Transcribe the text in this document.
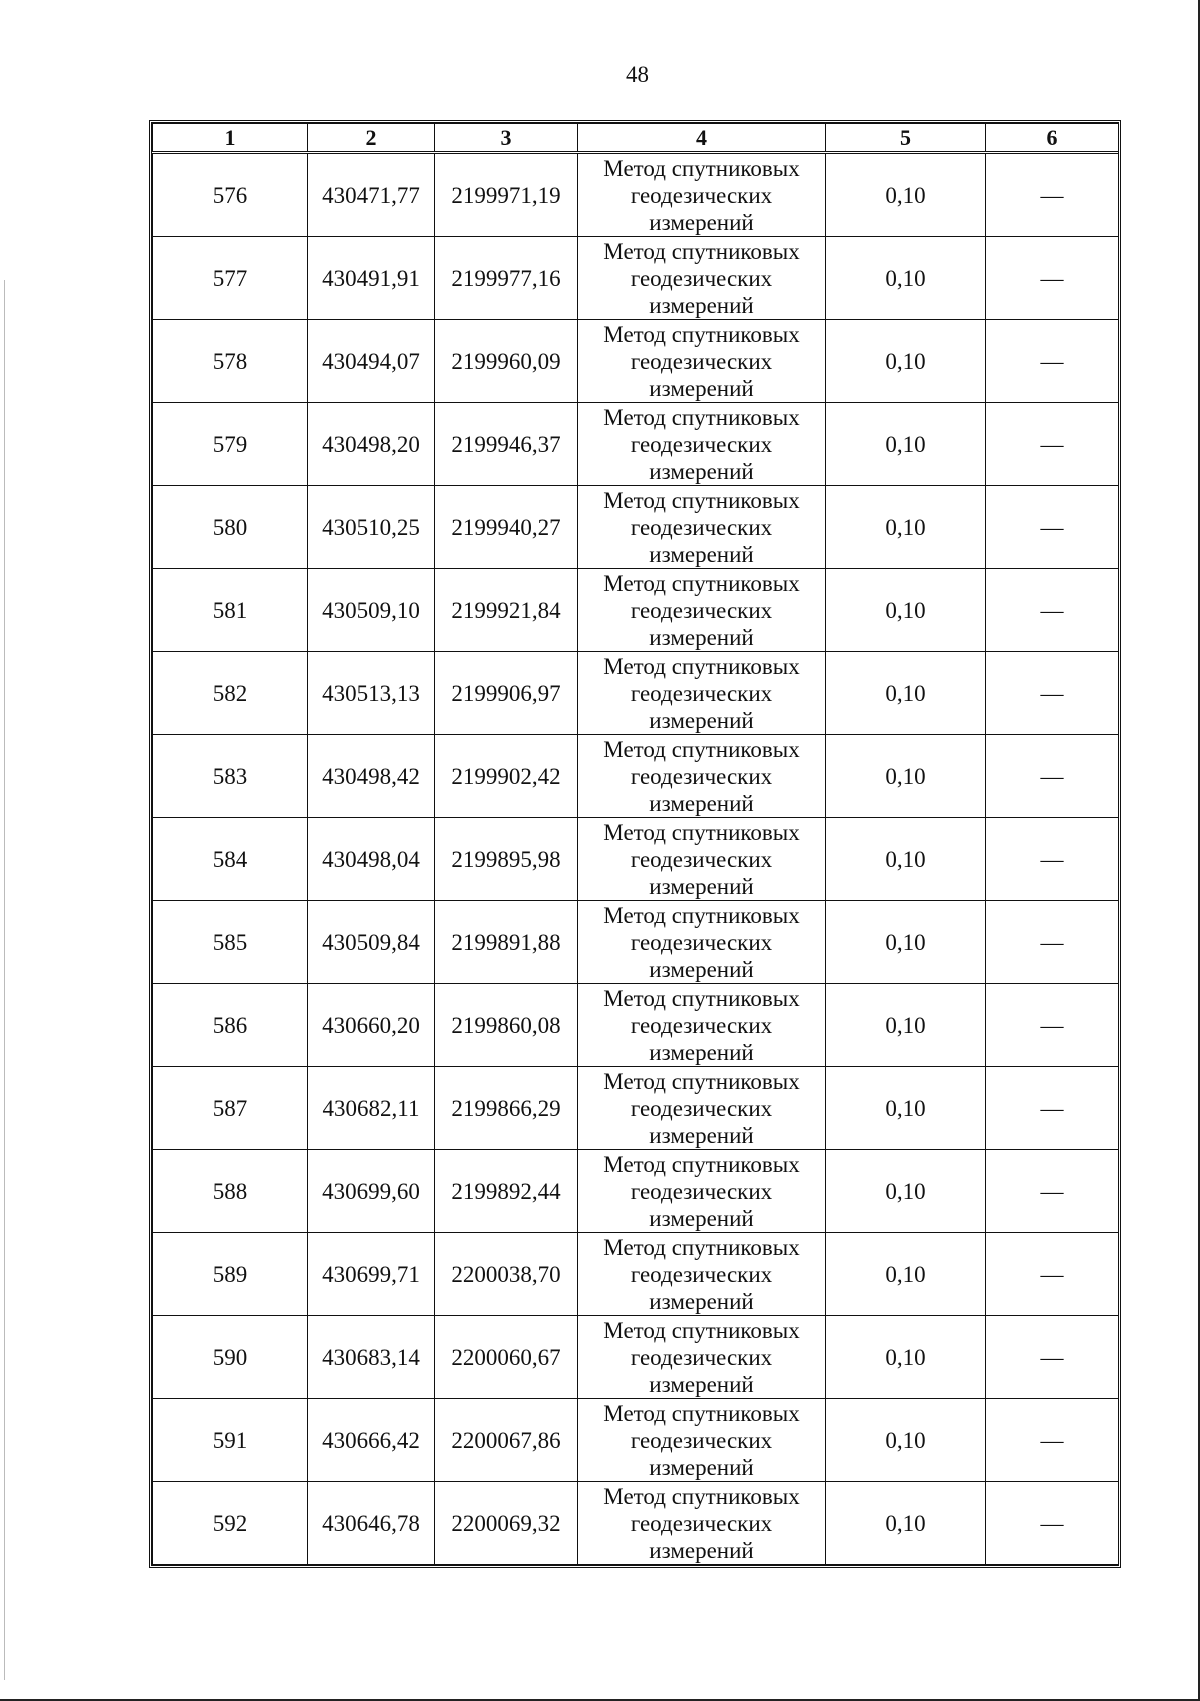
48
1	2	3	4	5	6
576	430471,77	2199971,19	Метод спутниковых
геодезических
измерений	0,10	—
577	430491,91	2199977,16	Метод спутниковых
геодезических
измерений	0,10	—
578	430494,07	2199960,09	Метод спутниковых
геодезических
измерений	0,10	—
579	430498,20	2199946,37	Метод спутниковых
геодезических
измерений	0,10	—
580	430510,25	2199940,27	Метод спутниковых
геодезических
измерений	0,10	—
581	430509,10	2199921,84	Метод спутниковых
геодезических
измерений	0,10	—
582	430513,13	2199906,97	Метод спутниковых
геодезических
измерений	0,10	—
583	430498,42	2199902,42	Метод спутниковых
геодезических
измерений	0,10	—
584	430498,04	2199895,98	Метод спутниковых
геодезических
измерений	0,10	—
585	430509,84	2199891,88	Метод спутниковых
геодезических
измерений	0,10	—
586	430660,20	2199860,08	Метод спутниковых
геодезических
измерений	0,10	—
587	430682,11	2199866,29	Метод спутниковых
геодезических
измерений	0,10	—
588	430699,60	2199892,44	Метод спутниковых
геодезических
измерений	0,10	—
589	430699,71	2200038,70	Метод спутниковых
геодезических
измерений	0,10	—
590	430683,14	2200060,67	Метод спутниковых
геодезических
измерений	0,10	—
591	430666,42	2200067,86	Метод спутниковых
геодезических
измерений	0,10	—
592	430646,78	2200069,32	Метод спутниковых
геодезических
измерений	0,10	—
